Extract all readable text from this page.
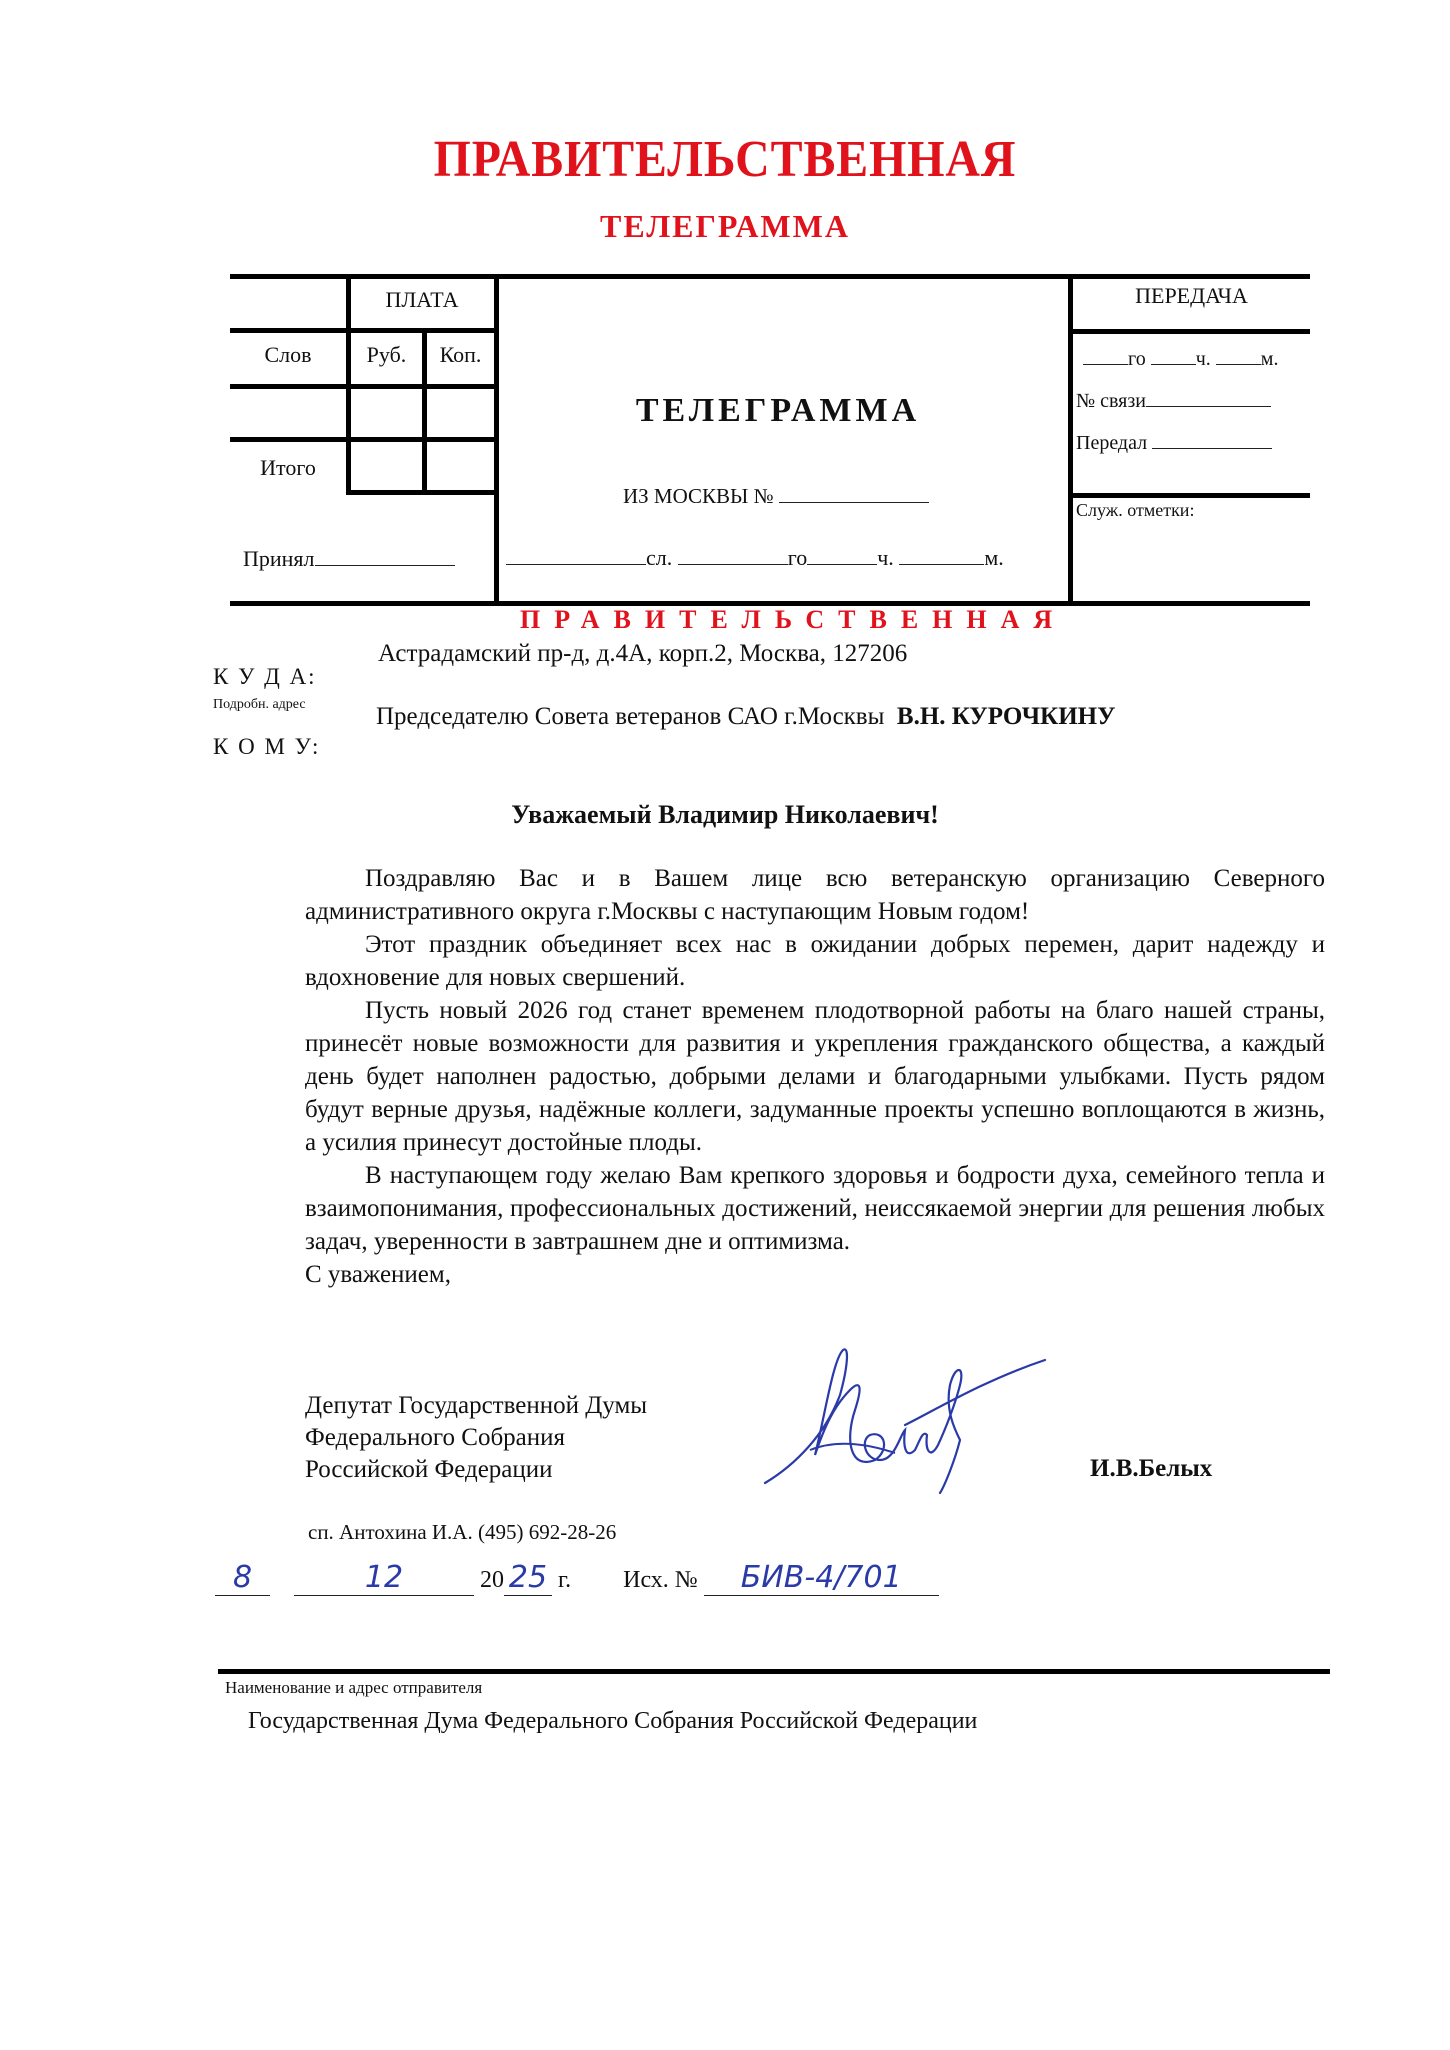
ПРАВИТЕЛЬСТВЕННАЯ
ТЕЛЕГРАММА
ПЛАТА
Слов	Руб.	Коп.
Итого
Принял
ТЕЛЕГРАММА
ИЗ МОСКВЫ №
сл.	го	ч.	м.
ПЕРЕДАЧА
го	ч.	м.
№ связи
Передал
Служ. отметки:
ПРАВИТЕЛЬСТВЕННАЯ
К У Д А:
Подробн. адрес
К О М У:
Астрадамский пр-д, д.4А, корп.2, Москва, 127206
Председателю Совета ветеранов САО г.Москвы В.Н. КУРОЧКИНУ
Уважаемый Владимир Николаевич!

Поздравляю Вас и в Вашем лице всю ветеранскую организацию Северного административного округа г.Москвы с наступающим Новым годом!

Этот праздник объединяет всех нас в ожидании добрых перемен, дарит надежду и вдохновение для новых свершений.

Пусть новый 2026 год станет временем плодотворной работы на благо нашей страны, принесёт новые возможности для развития и укрепления гражданского общества, а каждый день будет наполнен радостью, добрыми делами и благодарными улыбками. Пусть рядом будут верные друзья, надёжные коллеги, задуманные проекты успешно воплощаются в жизнь, а усилия принесут достойные плоды.

В наступающем году желаю Вам крепкого здоровья и бодрости духа, семейного тепла и взаимопонимания, профессиональных достижений, неиссякаемой энергии для решения любых задач, уверенности в завтрашнем дне и оптимизма.

С уважением,

Депутат Государственной Думы
Федерального Собрания
Российской Федерации	И.В.Белых
сп. Антохина И.А. (495) 692-28-26
8	12	20 25 г. Исх. № БИВ-4/701
Наименование и адрес отправителя
Государственная Дума Федерального Собрания Российской Федерации
